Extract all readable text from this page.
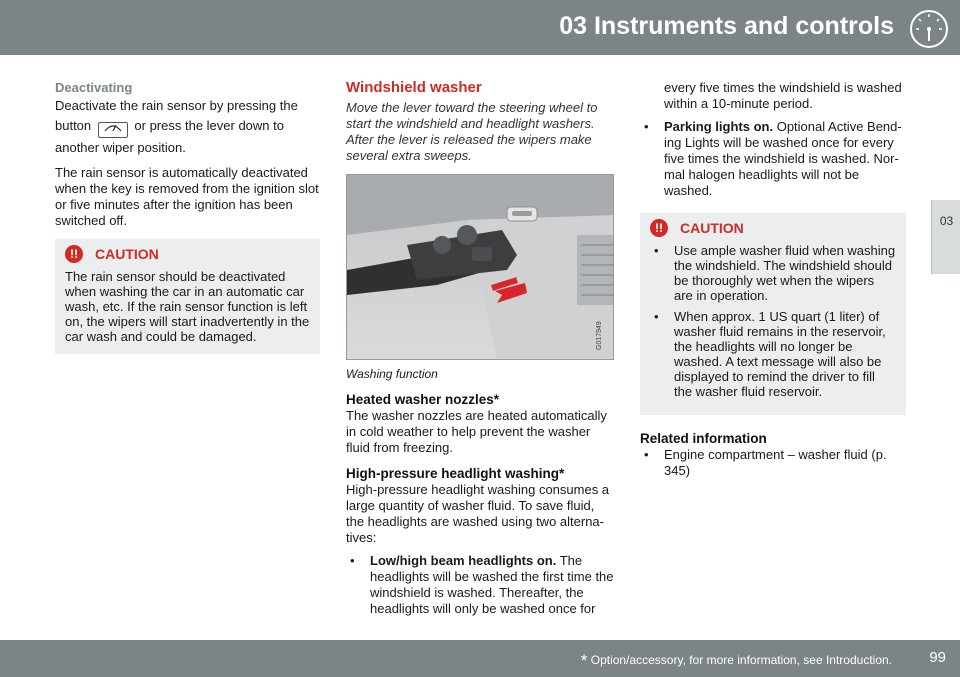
03 Instruments and controls
03
Deactivating

Deactivate the rain sensor by pressing the button	or press the lever down to another wiper position.

The rain sensor is automatically deactivated when the key is removed from the ignition slot or five minutes after the ignition has been switched off.

!!	CAUTION
The rain sensor should be deactivated when washing the car in an automatic car wash, etc. If the rain sensor function is left on, the wipers will start inadvertently in the car wash and could be damaged.
Windshield washer

Move the lever toward the steering wheel to start the windshield and headlight washers. After the lever is released the wipers make several extra sweeps.

G017949
Washing function
Heated washer nozzles*

The washer nozzles are heated automatically in cold weather to help prevent the washer fluid from freezing.

High-pressure headlight washing*

High-pressure headlight washing consumes a large quantity of washer fluid. To save fluid, the headlights are washed using two alterna-tives:

• Low/high beam headlights on. The headlights will be washed the first time the windshield is washed. Thereafter, the headlights will only be washed once for

every five times the windshield is washed within a 10-minute period.

• Parking lights on. Optional Active Bend-ing Lights will be washed once for every five times the windshield is washed. Nor-mal halogen headlights will not be washed.
!!	CAUTION
• Use ample washer fluid when washing the windshield. The windshield should be thoroughly wet when the wipers are in operation.
• When approx. 1 US quart (1 liter) of washer fluid remains in the reservoir, the headlights will no longer be washed. A text message will also be displayed to remind the driver to fill the washer fluid reservoir.
Related information
• Engine compartment – washer fluid (p. 345)
* Option/accessory, for more information, see Introduction. 99
